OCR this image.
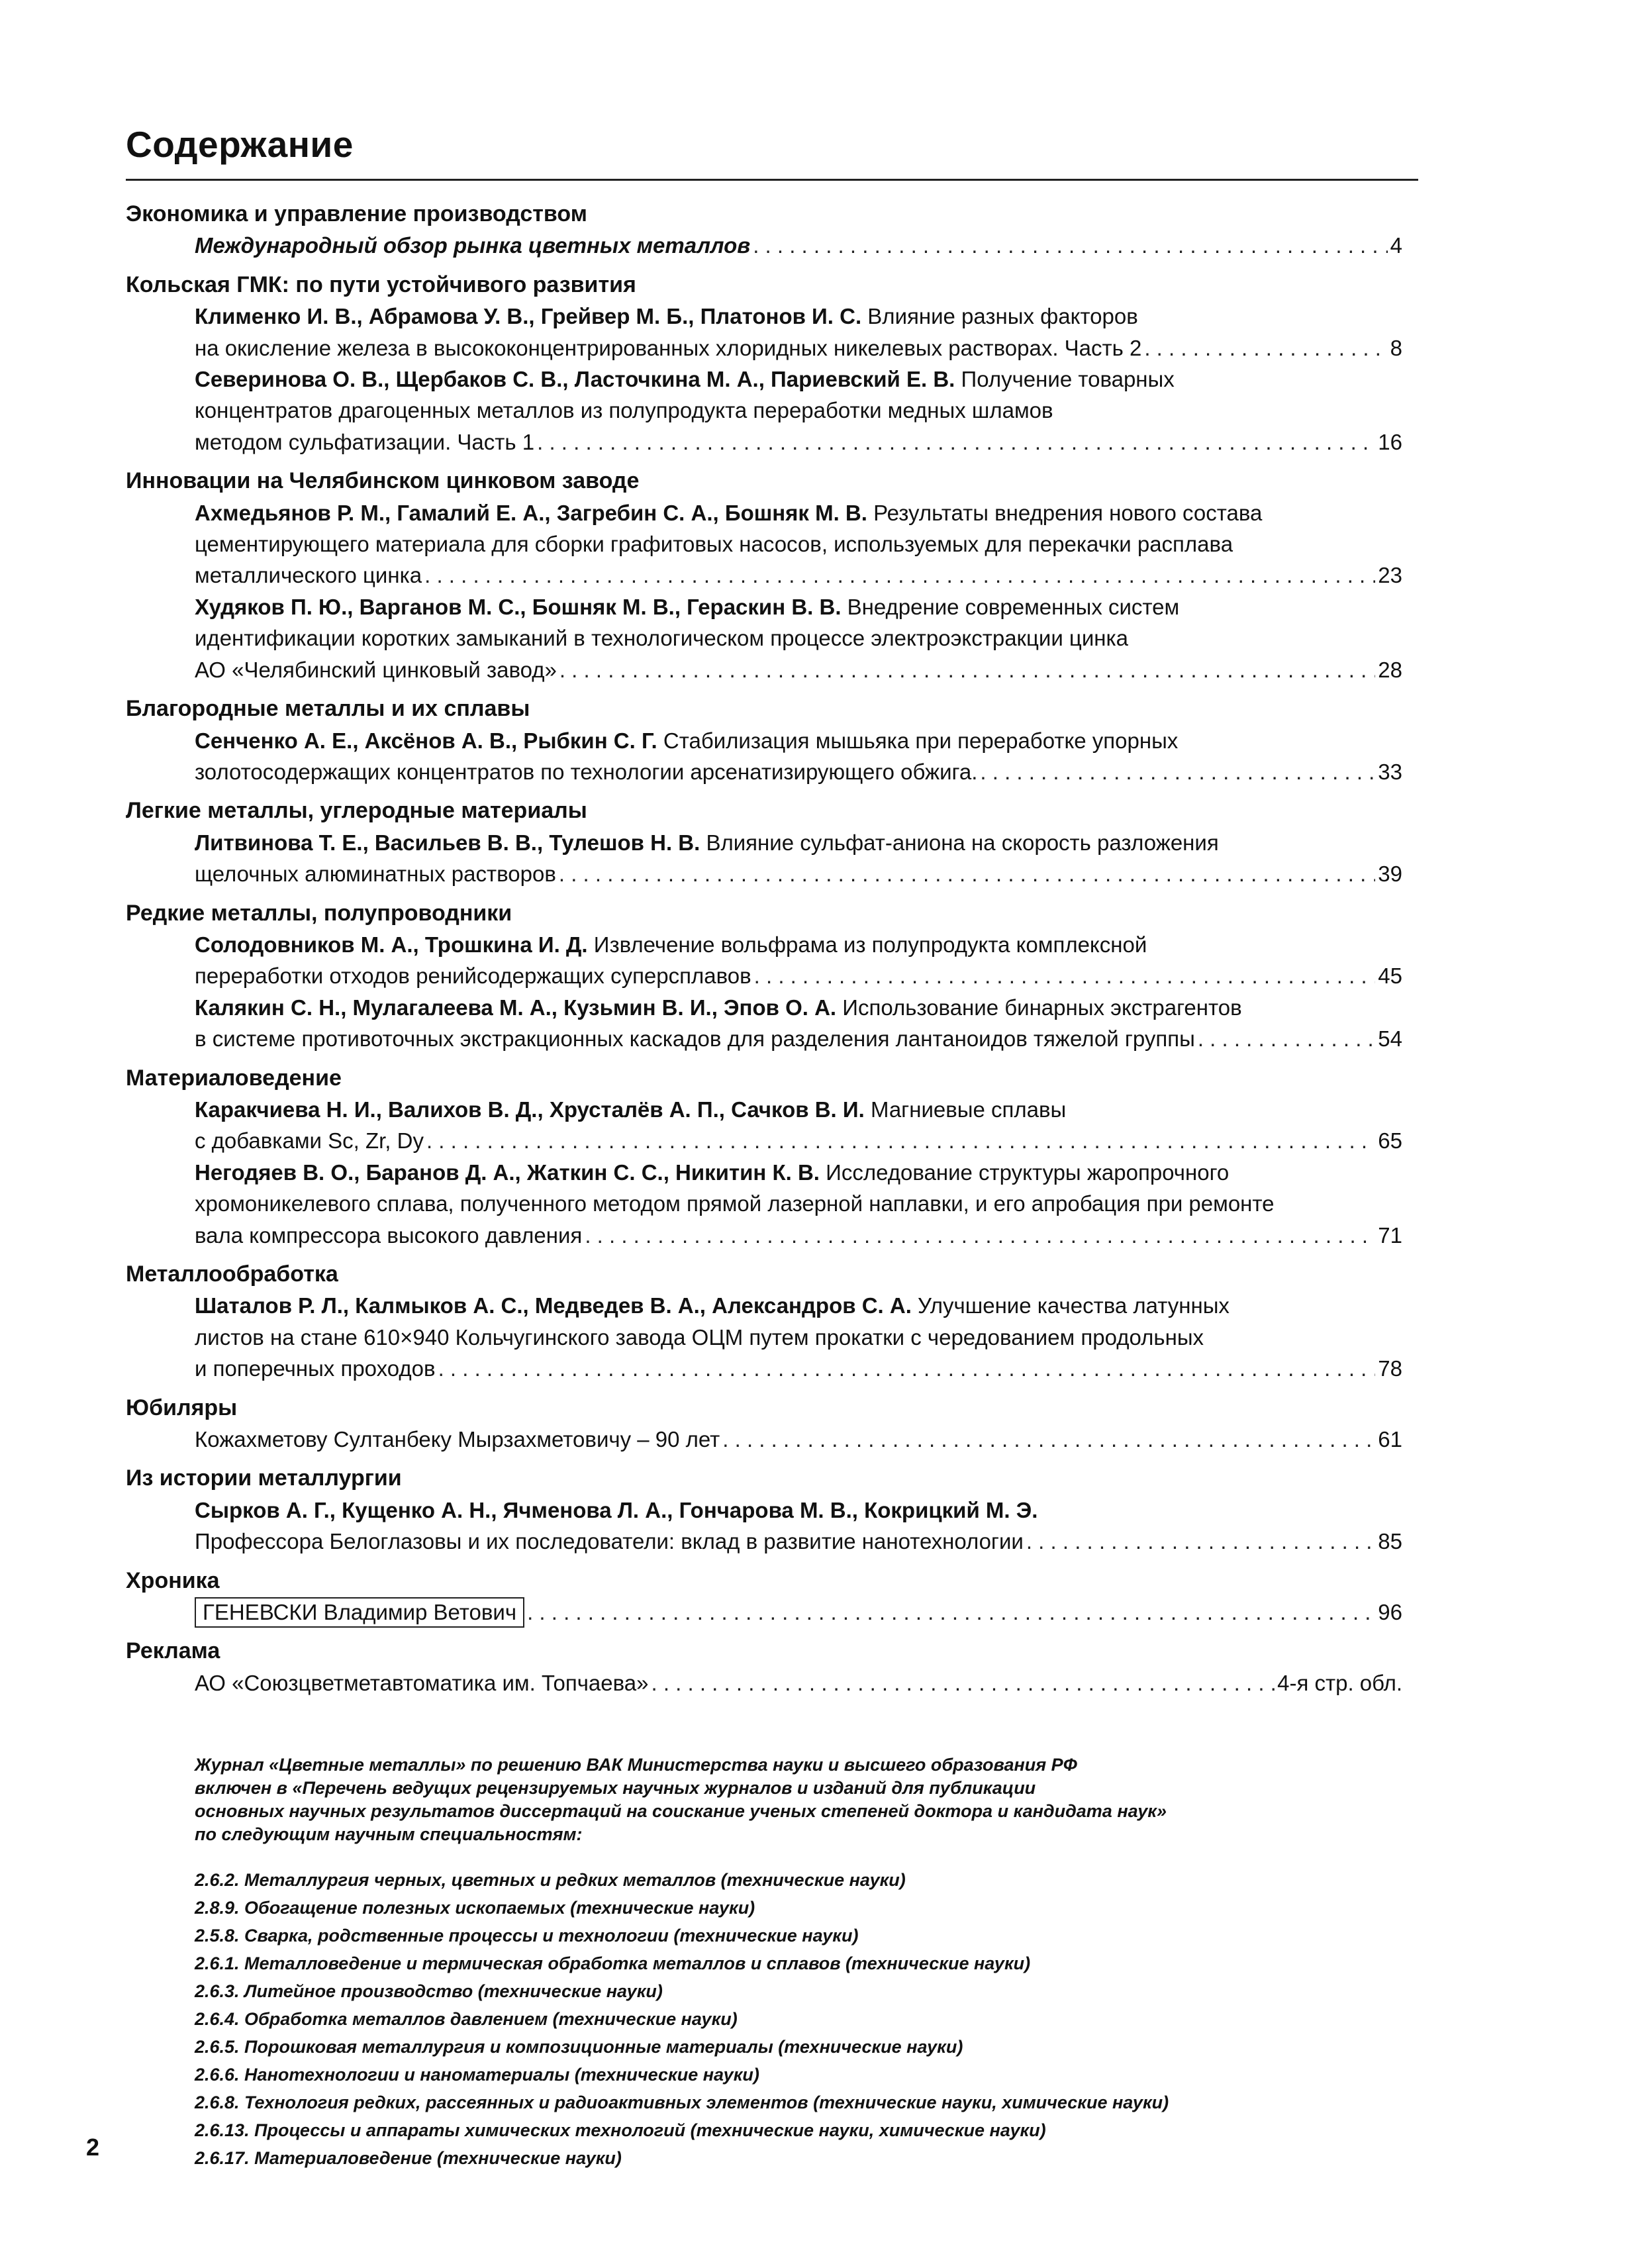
Содержание
Экономика и управление производством
Международный обзор рынка цветных металлов . . .	4
Кольская ГМК: по пути устойчивого развития
Клименко И. В., Абрамова У. В., Грейвер М. Б., Платонов И. С. Влияние разных факторов
на окисление железа в высококонцентрированных хлоридных никелевых растворах. Часть 2 . . .	8
Северинова О. В., Щербаков С. В., Ласточкина М. А., Париевский Е. В. Получение товарных
концентратов драгоценных металлов из полупродукта переработки медных шламов
методом сульфатизации. Часть 1 . . .	16
Инновации на Челябинском цинковом заводе
Ахмедьянов Р. М., Гамалий Е. А., Загребин С. А., Бошняк М. В. Результаты внедрения нового состава
цементирующего материала для сборки графитовых насосов, используемых для перекачки расплава
металлического цинка . . .	23
Худяков П. Ю., Варганов М. С., Бошняк М. В., Гераскин В. В. Внедрение современных систем
идентификации коротких замыканий в технологическом процессе электроэкстракции цинка
АО «Челябинский цинковый завод» . . .	28
Благородные металлы и их сплавы
Сенченко А. Е., Аксёнов А. В., Рыбкин С. Г. Стабилизация мышьяка при переработке упорных
золотосодержащих концентратов по технологии арсенатизирующего обжига. . . .	33
Легкие металлы, углеродные материалы
Литвинова Т. Е., Васильев В. В., Тулешов Н. В. Влияние сульфат-аниона на скорость разложения
щелочных алюминатных растворов . . .	39
Редкие металлы, полупроводники
Солодовников М. А., Трошкина И. Д. Извлечение вольфрама из полупродукта комплексной
переработки отходов ренийсодержащих суперсплавов . . .	45
Калякин С. Н., Мулагалеева М. А., Кузьмин В. И., Эпов О. А. Использование бинарных экстрагентов
в системе противоточных экстракционных каскадов для разделения лантаноидов тяжелой группы . . .	54
Материаловедение
Каракчиева Н. И., Валихов В. Д., Хрусталёв А. П., Сачков В. И. Магниевые сплавы
с добавками Sc, Zr, Dy . . .	65
Негодяев В. О., Баранов Д. А., Жаткин С. С., Никитин К. В. Исследование структуры жаропрочного
хромоникелевого сплава, полученного методом прямой лазерной наплавки, и его апробация при ремонте
вала компрессора высокого давления . . .	71
Металлообработка
Шаталов Р. Л., Калмыков А. С., Медведев В. А., Александров С. А. Улучшение качества латунных
листов на стане 610×940 Кольчугинского завода ОЦМ путем прокатки с чередованием продольных
и поперечных проходов . . .	78
Юбиляры
Кожахметову Султанбеку Мырзахметовичу – 90 лет . . .	61
Из истории металлургии
Сырков А. Г., Кущенко А. Н., Ячменова Л. А., Гончарова М. В., Кокрицкий М. Э.
Профессора Белоглазовы и их последователи: вклад в развитие нанотехнологии . . .	85
Хроника
ГЕНЕВСКИ Владимир Ветович . . .	96
Реклама
АО «Союзцветметавтоматика им. Топчаева» . . .	4-я стр. обл.
Журнал «Цветные металлы» по решению ВАК Министерства науки и высшего образования РФ
включен в «Перечень ведущих рецензируемых научных журналов и изданий для публикации
основных научных результатов диссертаций на соискание ученых степеней доктора и кандидата наук»
по следующим научным специальностям:
2.6.2. Металлургия черных, цветных и редких металлов (технические науки)
2.8.9. Обогащение полезных ископаемых (технические науки)
2.5.8. Сварка, родственные процессы и технологии (технические науки)
2.6.1. Металловедение и термическая обработка металлов и сплавов (технические науки)
2.6.3. Литейное производство (технические науки)
2.6.4. Обработка металлов давлением (технические науки)
2.6.5. Порошковая металлургия и композиционные материалы (технические науки)
2.6.6. Нанотехнологии и наноматериалы (технические науки)
2.6.8. Технология редких, рассеянных и радиоактивных элементов (технические науки, химические науки)
2.6.13. Процессы и аппараты химических технологий (технические науки, химические науки)
2.6.17. Материаловедение (технические науки)
2
